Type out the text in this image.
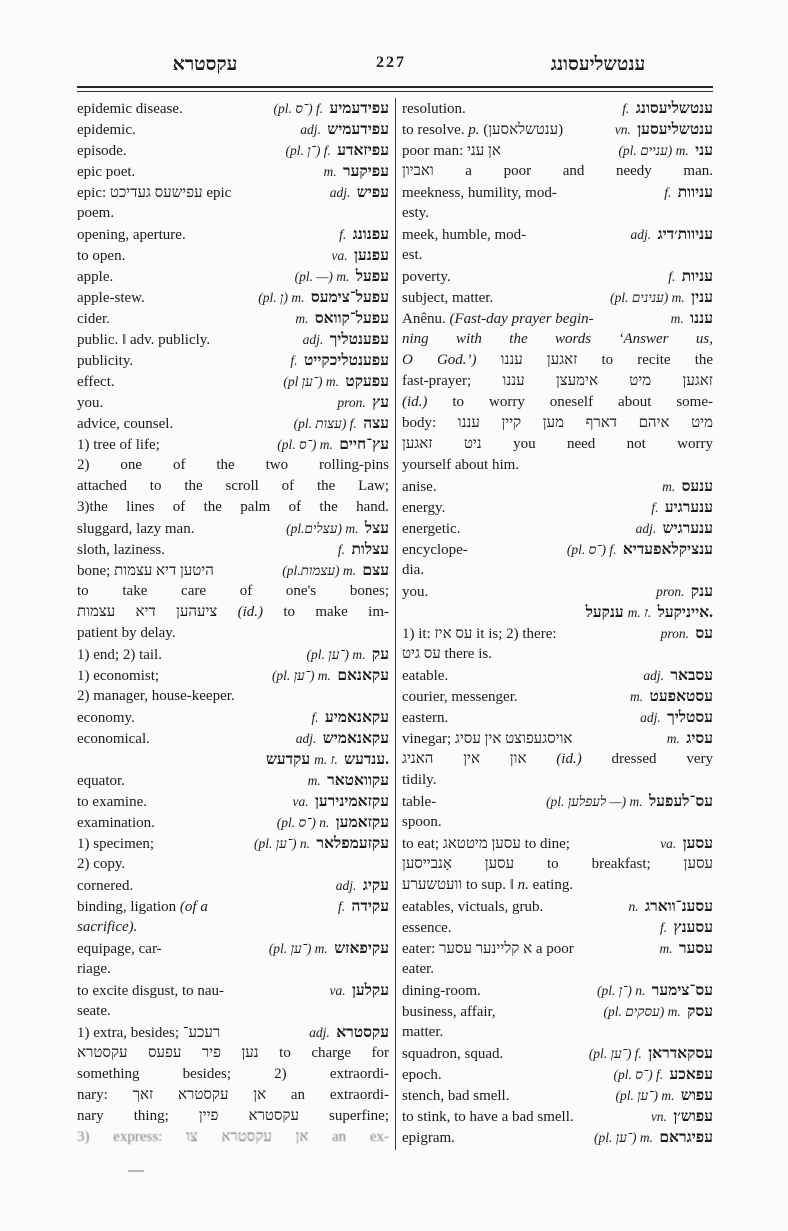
עקסטרא	227	ענטשליעסונג
epidemic disease.	(pl. ־ס) f. עפידעמיע
epidemic.	adj. עפידעמיש
episode.	(pl. ־ן) f. עפיזאדע
epic poet.	m. עפיקער
epic: עפישעס געדיכט epic	adj. עפיש
poem.
opening, aperture.	f. עפנונג
to open.	va. עפנען
apple.	(pl. —) m. עפעל
apple-stew.	(pl. ן) m. עפעל־צימעס
cider.	m. עפעל־קוואס
public. ‖ adv. publicly.	adj. עפענטליך
publicity.	f. עפענטליכקייט
effect.	(pl ־ען) m. עפעקט
you.	pron. עץ
advice, counsel.	(pl. עצות) f. עצה
1) tree of life;	(pl. ־ס) m. עץ־חיים
2) one of the two rolling-pins
attached to the scroll of the Law;
3)the lines of the palm of the hand.
sluggard, lazy man.	(pl.עצלים) m. עצל
sloth, laziness.	f. עצלות
bone; היטען דיא עצמות	(pl.עצמות) m. עצם
to take care of one's bones;
ציעהען דיא עצמות (id.) to make im-
patient by delay.
1) end; 2) tail.	(pl. ־ען) m. עק
1) economist;	(pl. ־ען) m. עקאנאם
2) manager, house-keeper.
economy.	f. עקאנאמיע
economical.	adj. עקאנאמיש
עקדעש m. ז. ענדעש.
equator.	m. עקוואטאר
to examine.	va. עקזאמינירען
examination.	(pl. ־ס) n. עקזאמען
1) specimen;	(pl. ־ען) n. עקזעמפלאר
2) copy.
cornered.	adj. עקיג
binding, ligation (of a	f. עקידה
sacrifice).
equipage, car-	(pl. ־ען) m. עקיפאזש
riage.
to excite disgust, to nau-	va. עקלען
seate.
1) extra, besides; רעכע־	adj. עקסטרא
נען פיר עפעס עקסטרא to charge for
something besides; 2) extraordi-
nary: אן עקסטרא זאך an extraordi-
nary thing; עקסטרא פיין superfine;
3) express: אן עקסטרא צו an ex-
resolution.	f. ענטשליעסונג
to resolve. p. (ענטשלאסען)	vn. ענטשליעסען
poor man: אן עני	(pl. עניים) m. עני
ואביון a poor and needy man.
meekness, humility, mod-	f. עניוות
esty.
meek, humble, mod-	adj. עניוות׳דיג
est.
poverty.	f. עניות
subject, matter.	(pl. ענינים) m. ענין
Anênu. (Fast-day prayer begin-	m. עננו
ning with the words ‘Answer us,
O God.’) זאגען עננו to recite the
fast-prayer; זאגען מיט אימעצן עננו
(id.) to worry oneself about some-
body: מיט איהם דארף מען קיין עננו
ניט זאגען you need not worry
yourself about him.
anise.	m. ענעס
energy.	f. ענערגיע
energetic.	adj. ענערגיש
encyclope-	(pl. ־ס) f. ענציקלאפעדיא
dia.
you.	pron. ענק
ענקעל m. ז. אייניקעל.
1) it: עס איז it is; 2) there:	pron. עס
עס גיט there is.
eatable.	adj. עסבאר
courier, messenger.	m. עסטאפעט
eastern.	adj. עסטליך
vinegar; אויסגעפוצט אין עסיג	m. עסיג
און אין האניג (id.) dressed very
tidily.
table-	(pl. לעפלען —) m. עס־לעפעל
spoon.
to eat; עסען מיטטאג to dine;	va. עסען
עסען אָנבייסען to breakfast; עסען
וועטשערע to sup. ‖ n. eating.
eatables, victuals, grub.	n. עסענ־ווארג
essence.	f. עסענץ
eater: א קליינער עסער a poor	m. עסער
eater.
dining-room.	(pl. ־ן) n. עס־צימער
business, affair,	(pl. עסקים) m. עסק
matter.
squadron, squad.	(pl. ־ען) f. עסקאדראן
epoch.	(pl. ־ס) f. עפאכע
stench, bad smell.	(pl. ־ען) m. עפוש
to stink, to have a bad smell.	vn. עפוש׳ן
epigram.	(pl. ־ען) m. עפיגראם
